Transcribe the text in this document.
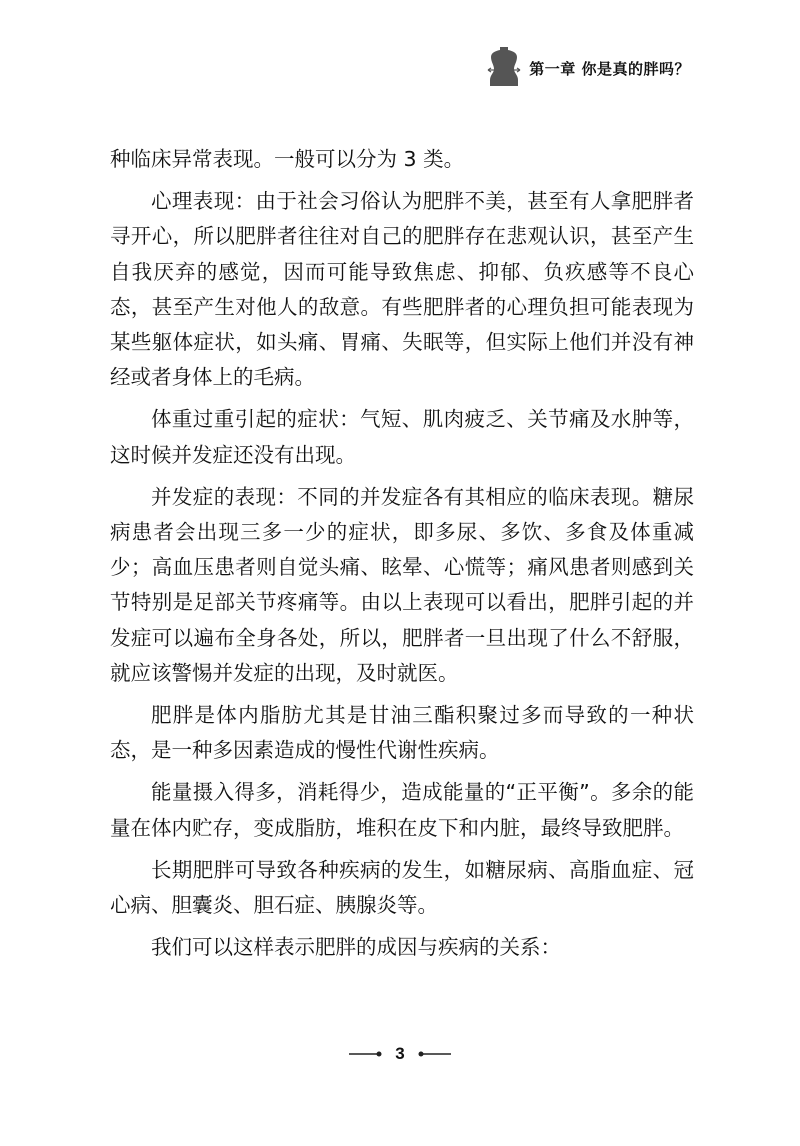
第一章 你是真的胖吗？

种临床异常表现。一般可以分为 3 类。

心理表现：由于社会习俗认为肥胖不美，甚至有人拿肥胖者寻开心，所以肥胖者往往对自己的肥胖存在悲观认识，甚至产生自我厌弃的感觉，因而可能导致焦虑、抑郁、负疚感等不良心态，甚至产生对他人的敌意。有些肥胖者的心理负担可能表现为某些躯体症状，如头痛、胃痛、失眠等，但实际上他们并没有神经或者身体上的毛病。

体重过重引起的症状：气短、肌肉疲乏、关节痛及水肿等，这时候并发症还没有出现。

并发症的表现：不同的并发症各有其相应的临床表现。糖尿病患者会出现三多一少的症状，即多尿、多饮、多食及体重减少；高血压患者则自觉头痛、眩晕、心慌等；痛风患者则感到关节特别是足部关节疼痛等。由以上表现可以看出，肥胖引起的并发症可以遍布全身各处，所以，肥胖者一旦出现了什么不舒服，就应该警惕并发症的出现，及时就医。

肥胖是体内脂肪尤其是甘油三酯积聚过多而导致的一种状态，是一种多因素造成的慢性代谢性疾病。

能量摄入得多，消耗得少，造成能量的“正平衡”。多余的能量在体内贮存，变成脂肪，堆积在皮下和内脏，最终导致肥胖。

长期肥胖可导致各种疾病的发生，如糖尿病、高脂血症、冠心病、胆囊炎、胆石症、胰腺炎等。

我们可以这样表示肥胖的成因与疾病的关系：

3
